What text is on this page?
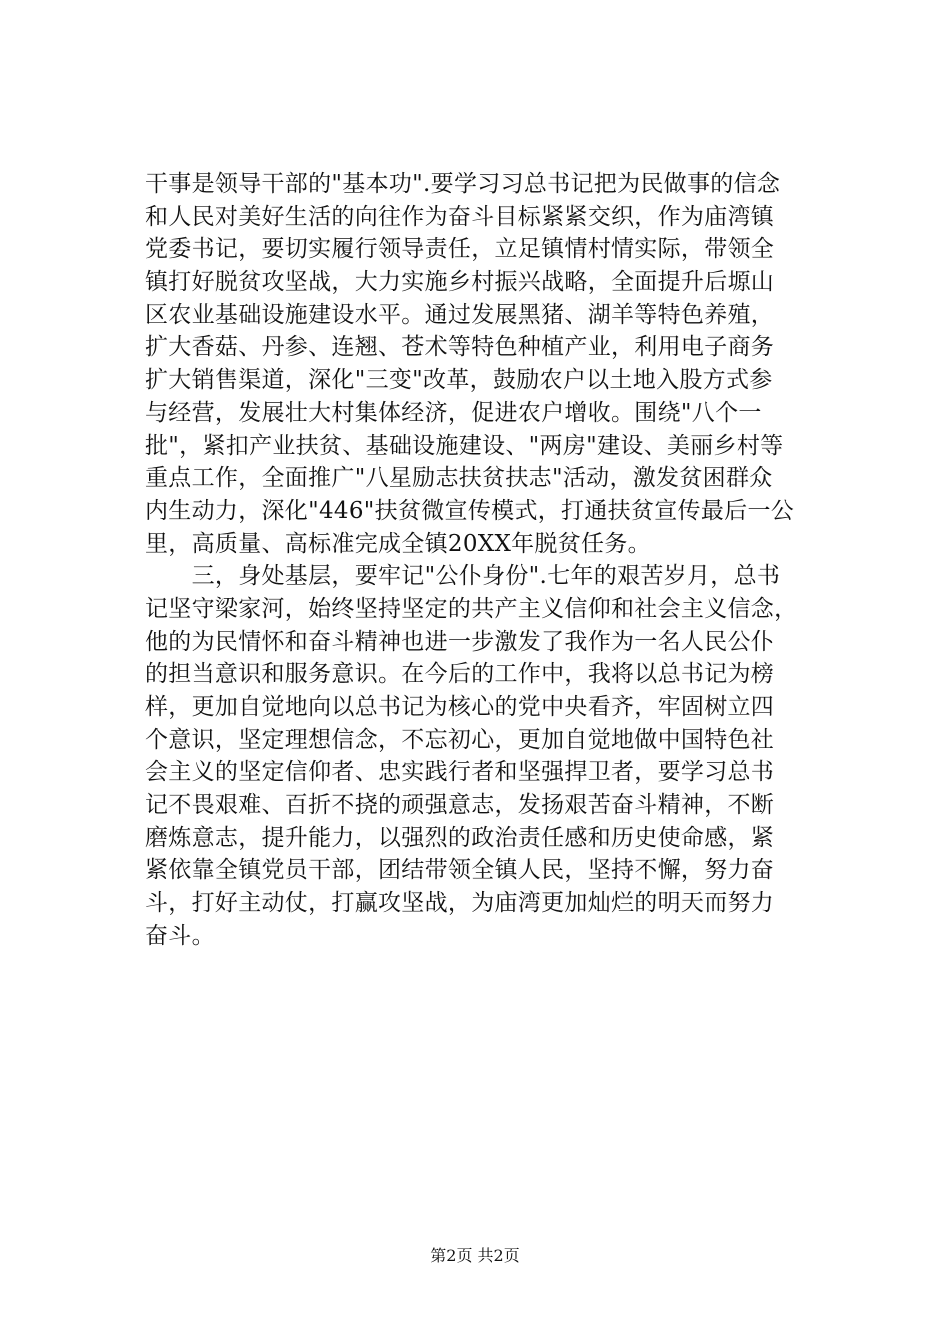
干事是领导干部的"基本功".要学习习总书记把为民做事的信念
和人民对美好生活的向往作为奋斗目标紧紧交织，作为庙湾镇
党委书记，要切实履行领导责任，立足镇情村情实际，带领全
镇打好脱贫攻坚战，大力实施乡村振兴战略，全面提升后塬山
区农业基础设施建设水平。通过发展黑猪、湖羊等特色养殖，
扩大香菇、丹参、连翘、苍术等特色种植产业，利用电子商务
扩大销售渠道，深化"三变"改革，鼓励农户以土地入股方式参
与经营，发展壮大村集体经济，促进农户增收。围绕"八个一
批"，紧扣产业扶贫、基础设施建设、"两房"建设、美丽乡村等
重点工作，全面推广"八星励志扶贫扶志"活动，激发贫困群众
内生动力，深化"446"扶贫微宣传模式，打通扶贫宣传最后一公
里，高质量、高标准完成全镇20XX年脱贫任务。
　　三，身处基层，要牢记"公仆身份".七年的艰苦岁月，总书
记坚守梁家河，始终坚持坚定的共产主义信仰和社会主义信念，
他的为民情怀和奋斗精神也进一步激发了我作为一名人民公仆
的担当意识和服务意识。在今后的工作中，我将以总书记为榜
样，更加自觉地向以总书记为核心的党中央看齐，牢固树立四
个意识，坚定理想信念，不忘初心，更加自觉地做中国特色社
会主义的坚定信仰者、忠实践行者和坚强捍卫者，要学习总书
记不畏艰难、百折不挠的顽强意志，发扬艰苦奋斗精神，不断
磨炼意志，提升能力，以强烈的政治责任感和历史使命感，紧
紧依靠全镇党员干部，团结带领全镇人民，坚持不懈，努力奋
斗，打好主动仗，打赢攻坚战，为庙湾更加灿烂的明天而努力
奋斗。
第2页 共2页
